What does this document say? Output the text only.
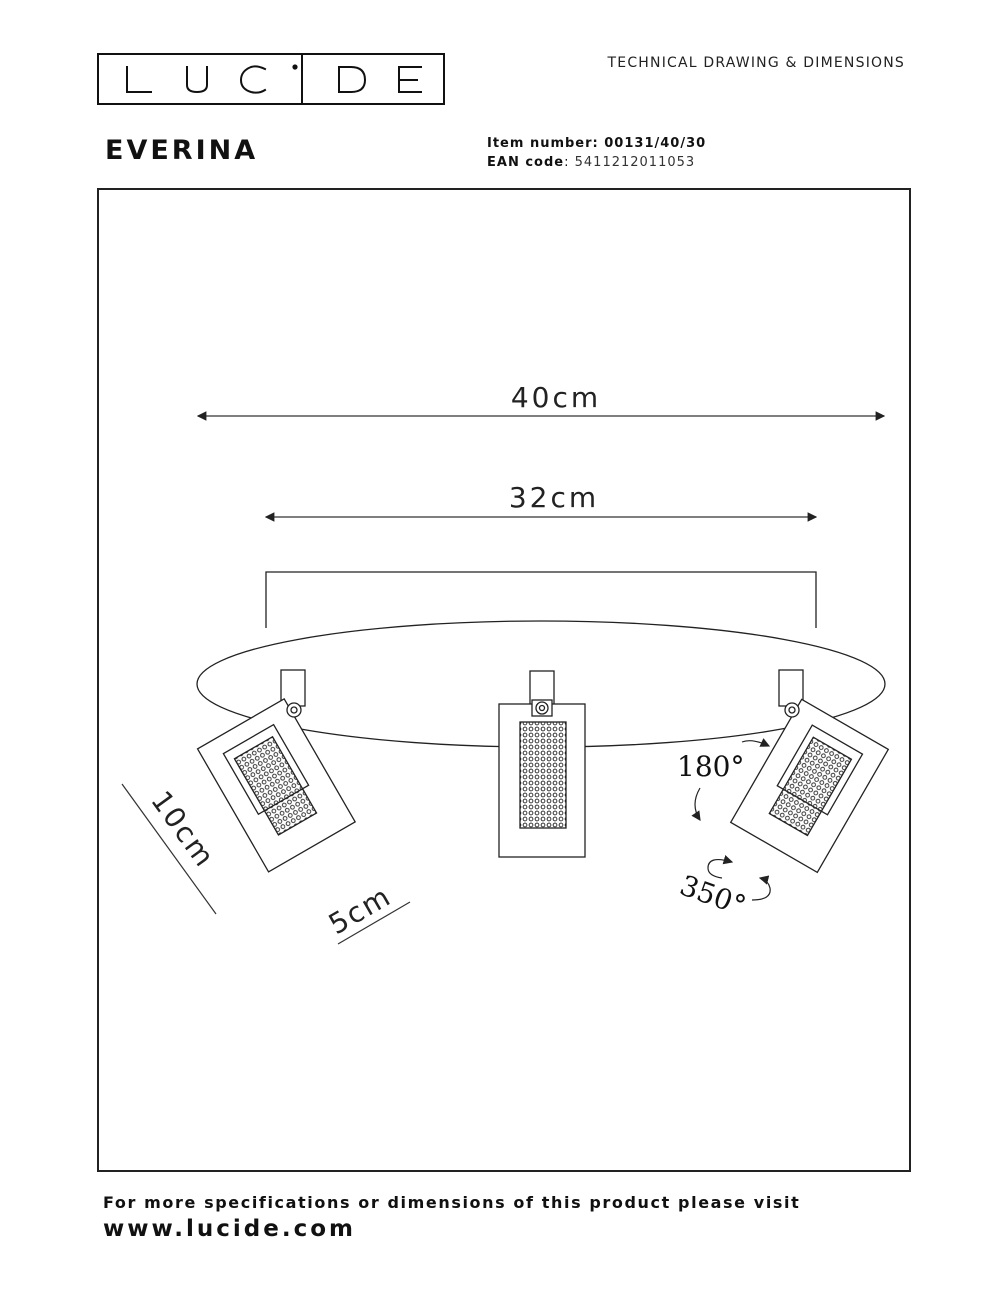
TECHNICAL DRAWING & DIMENSIONS
EVERINA	Item number: 00131/40/30
EAN code: 5411212011053
40cm
32cm
10cm
5cm
180°
350°
For more specifications or dimensions of this product please visit
www.lucide.com
